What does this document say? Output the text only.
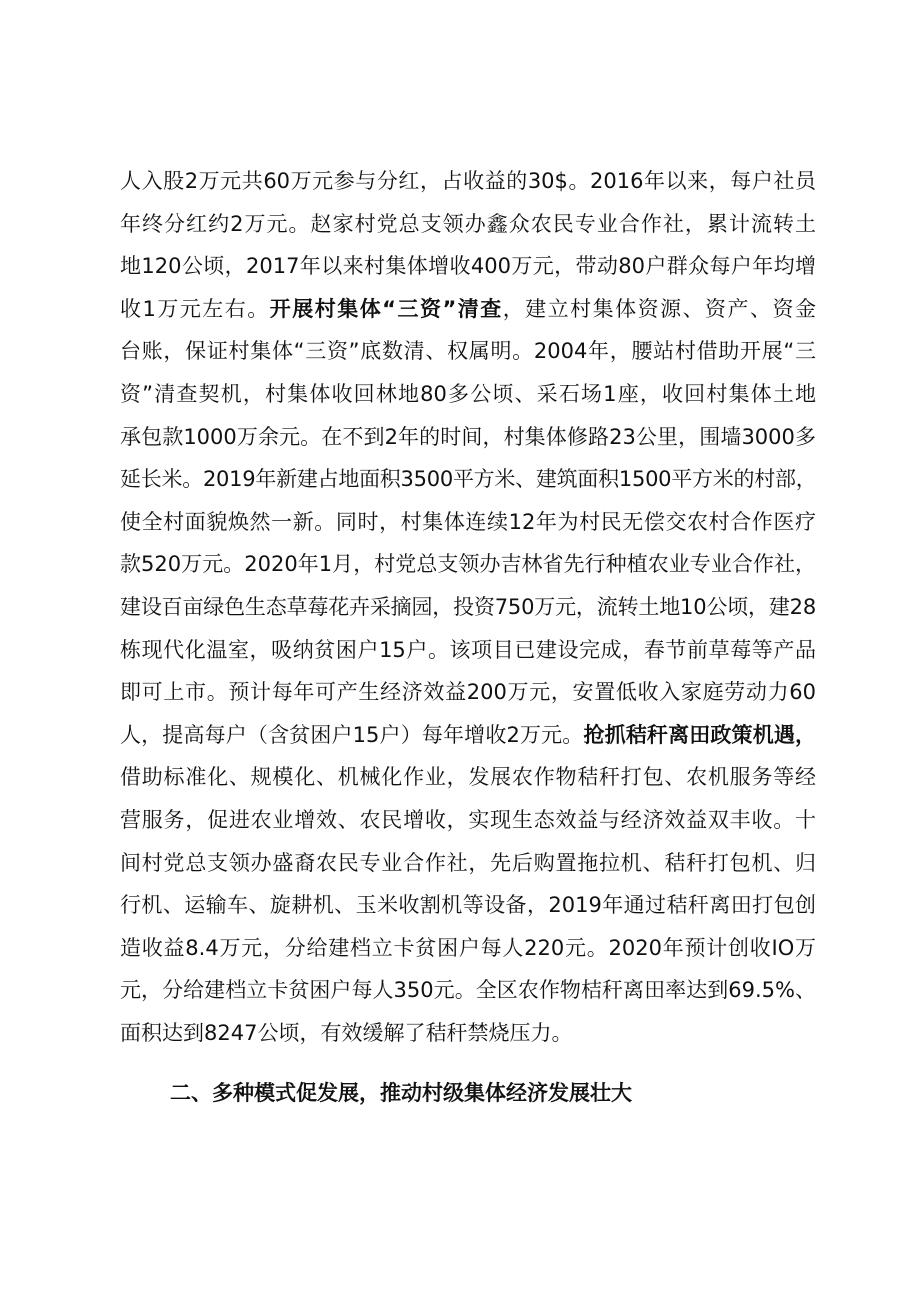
人入股2万元共60万元参与分红，占收益的30$。2016年以来，每户社员
年终分红约2万元。赵家村党总支领办鑫众农民专业合作社，累计流转土
地120公顷，2017年以来村集体增收400万元，带动80户群众每户年均增
收1万元左右。开展村集体“三资”清查，建立村集体资源、资产、资金
台账，保证村集体“三资”底数清、权属明。2004年，腰站村借助开展“三
资”清查契机，村集体收回林地80多公顷、采石场1座，收回村集体土地
承包款1000万余元。在不到2年的时间，村集体修路23公里，围墙3000多
延长米。2019年新建占地面积3500平方米、建筑面积1500平方米的村部，
使全村面貌焕然一新。同时，村集体连续12年为村民无偿交农村合作医疗
款520万元。2020年1月，村党总支领办吉林省先行种植农业专业合作社，
建设百亩绿色生态草莓花卉采摘园，投资750万元，流转土地10公顷，建28
栋现代化温室，吸纳贫困户15户。该项目已建设完成，春节前草莓等产品
即可上市。预计每年可产生经济效益200万元，安置低收入家庭劳动力60
人，提高每户（含贫困户15户）每年增收2万元。抢抓秸秆离田政策机遇，
借助标准化、规模化、机械化作业，发展农作物秸秆打包、农机服务等经
营服务，促进农业增效、农民增收，实现生态效益与经济效益双丰收。十
间村党总支领办盛裔农民专业合作社，先后购置拖拉机、秸秆打包机、归
行机、运输车、旋耕机、玉米收割机等设备，2019年通过秸秆离田打包创
造收益8.4万元，分给建档立卡贫困户每人220元。2020年预计创收IO万
元，分给建档立卡贫困户每人350元。全区农作物桔秆离田率达到69.5%、
面积达到8247公顷，有效缓解了秸秆禁烧压力。

二、多种模式促发展，推动村级集体经济发展壮大
